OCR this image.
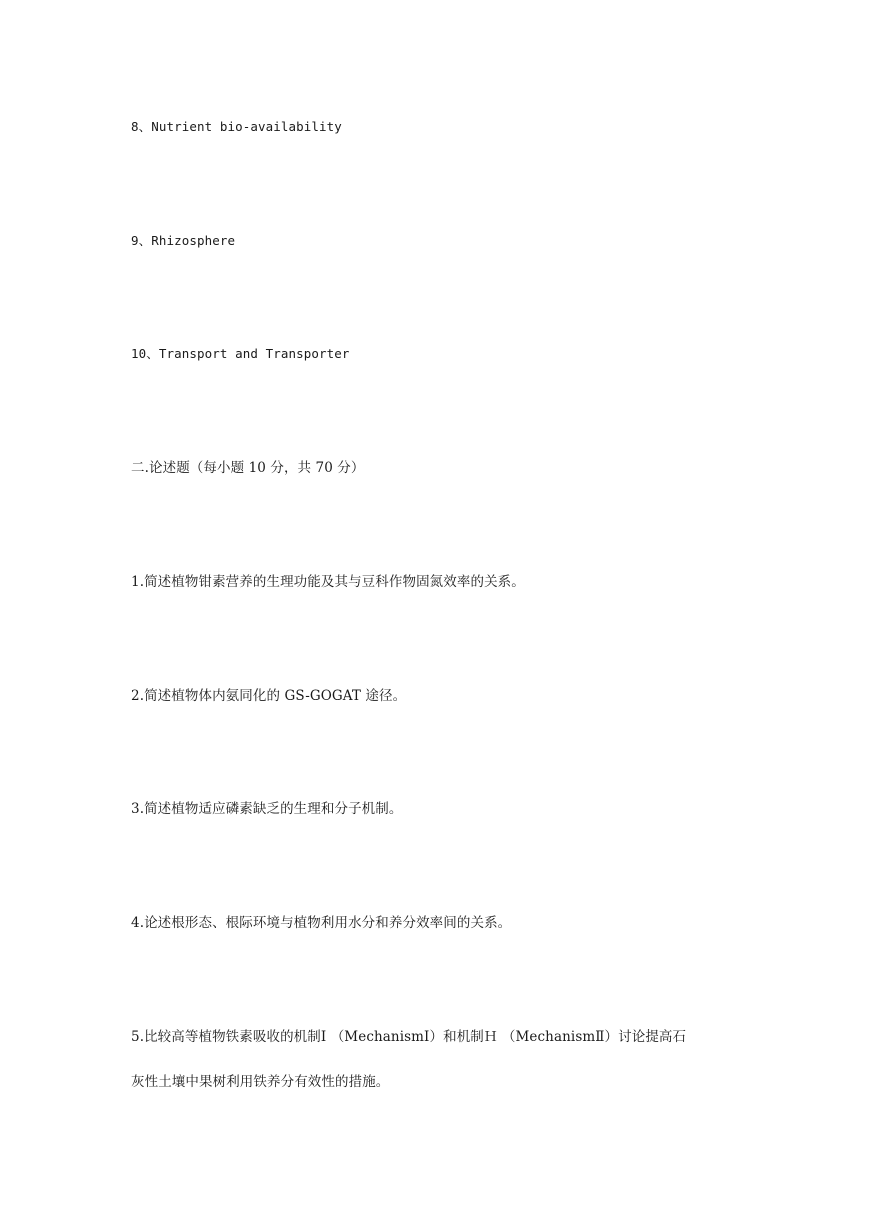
8、Nutrient bio-availability
9、Rhizosphere
10、Transport and Transporter
二.论述题（每小题 10 分，共 70 分）
1.简述植物钳素营养的生理功能及其与豆科作物固氮效率的关系。
2.简述植物体内氨同化的 GS-GOGAT 途径。
3.简述植物适应磷素缺乏的生理和分子机制。
4.论述根形态、根际环境与植物利用水分和养分效率间的关系。
5.比较高等植物铁素吸收的机制Ⅰ （MechanismⅠ）和机制Ｈ （MechanismⅡ）讨论提高石
灰性土壤中果树利用铁养分有效性的措施。
